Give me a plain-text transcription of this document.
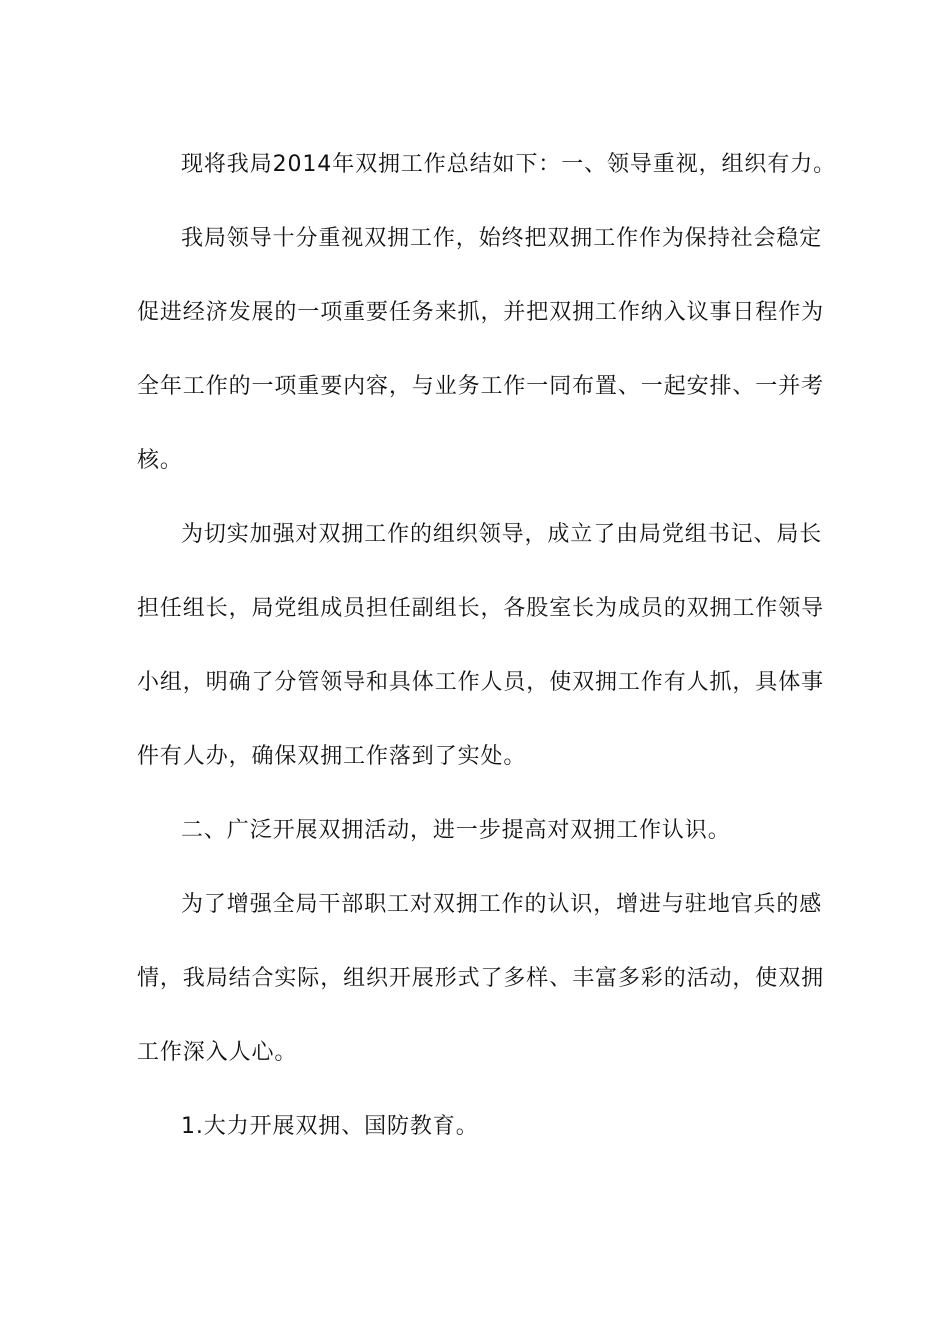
现将我局2014年双拥工作总结如下：一、领导重视，组织有力。
我局领导十分重视双拥工作，始终把双拥工作作为保持社会稳定
促进经济发展的一项重要任务来抓，并把双拥工作纳入议事日程作为
全年工作的一项重要内容，与业务工作一同布置、一起安排、一并考
核。
为切实加强对双拥工作的组织领导，成立了由局党组书记、局长
担任组长，局党组成员担任副组长，各股室长为成员的双拥工作领导
小组，明确了分管领导和具体工作人员，使双拥工作有人抓，具体事
件有人办，确保双拥工作落到了实处。
二、广泛开展双拥活动，进一步提高对双拥工作认识。
为了增强全局干部职工对双拥工作的认识，增进与驻地官兵的感
情，我局结合实际，组织开展形式了多样、丰富多彩的活动，使双拥
工作深入人心。
1.大力开展双拥、国防教育。
